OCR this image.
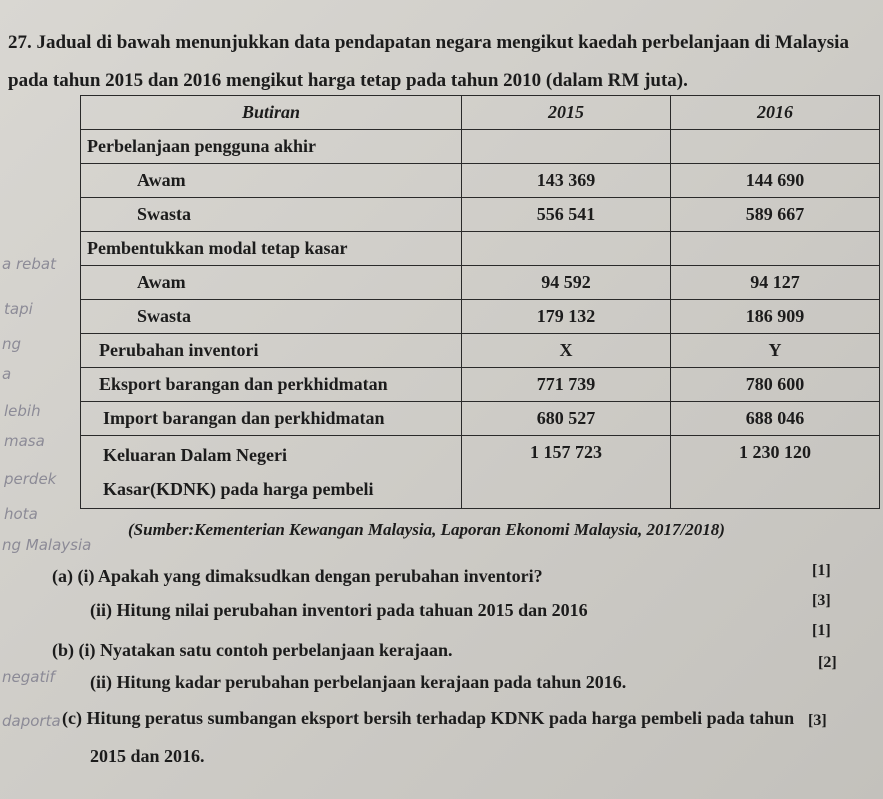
27. Jadual di bawah menunjukkan data pendapatan negara mengikut kaedah perbelanjaan di Malaysia
pada tahun 2015 dan 2016 mengikut harga tetap pada tahun 2010 (dalam RM juta).
Butiran	2015	2016
Perbelanjaan pengguna akhir		
Awam	143 369	144 690
Swasta	556 541	589 667
Pembentukkan modal tetap kasar		
Awam	94 592	94 127
Swasta	179 132	186 909
Perubahan inventori	X	Y
Eksport barangan dan perkhidmatan	771 739	780 600
Import barangan dan perkhidmatan	680 527	688 046
Keluaran Dalam Negeri
Kasar(KDNK) pada harga pembeli	1 157 723	1 230 120
(Sumber:Kementerian Kewangan Malaysia, Laporan Ekonomi Malaysia, 2017/2018)
(a) (i) Apakah yang dimaksudkan dengan perubahan inventori?	[1]
(ii) Hitung nilai perubahan inventori pada tahuan 2015 dan 2016	[3]
(b) (i) Nyatakan satu contoh perbelanjaan kerajaan.
[1]
(ii) Hitung kadar perubahan perbelanjaan kerajaan pada tahun 2016.
[2]
(c) Hitung peratus sumbangan eksport bersih terhadap KDNK pada harga pembeli pada tahun
2015 dan 2016.
[3]
a rebat
tapi
ng
a
lebih
masa
perdek
hota
ng Malaysia
negatif
daporta
